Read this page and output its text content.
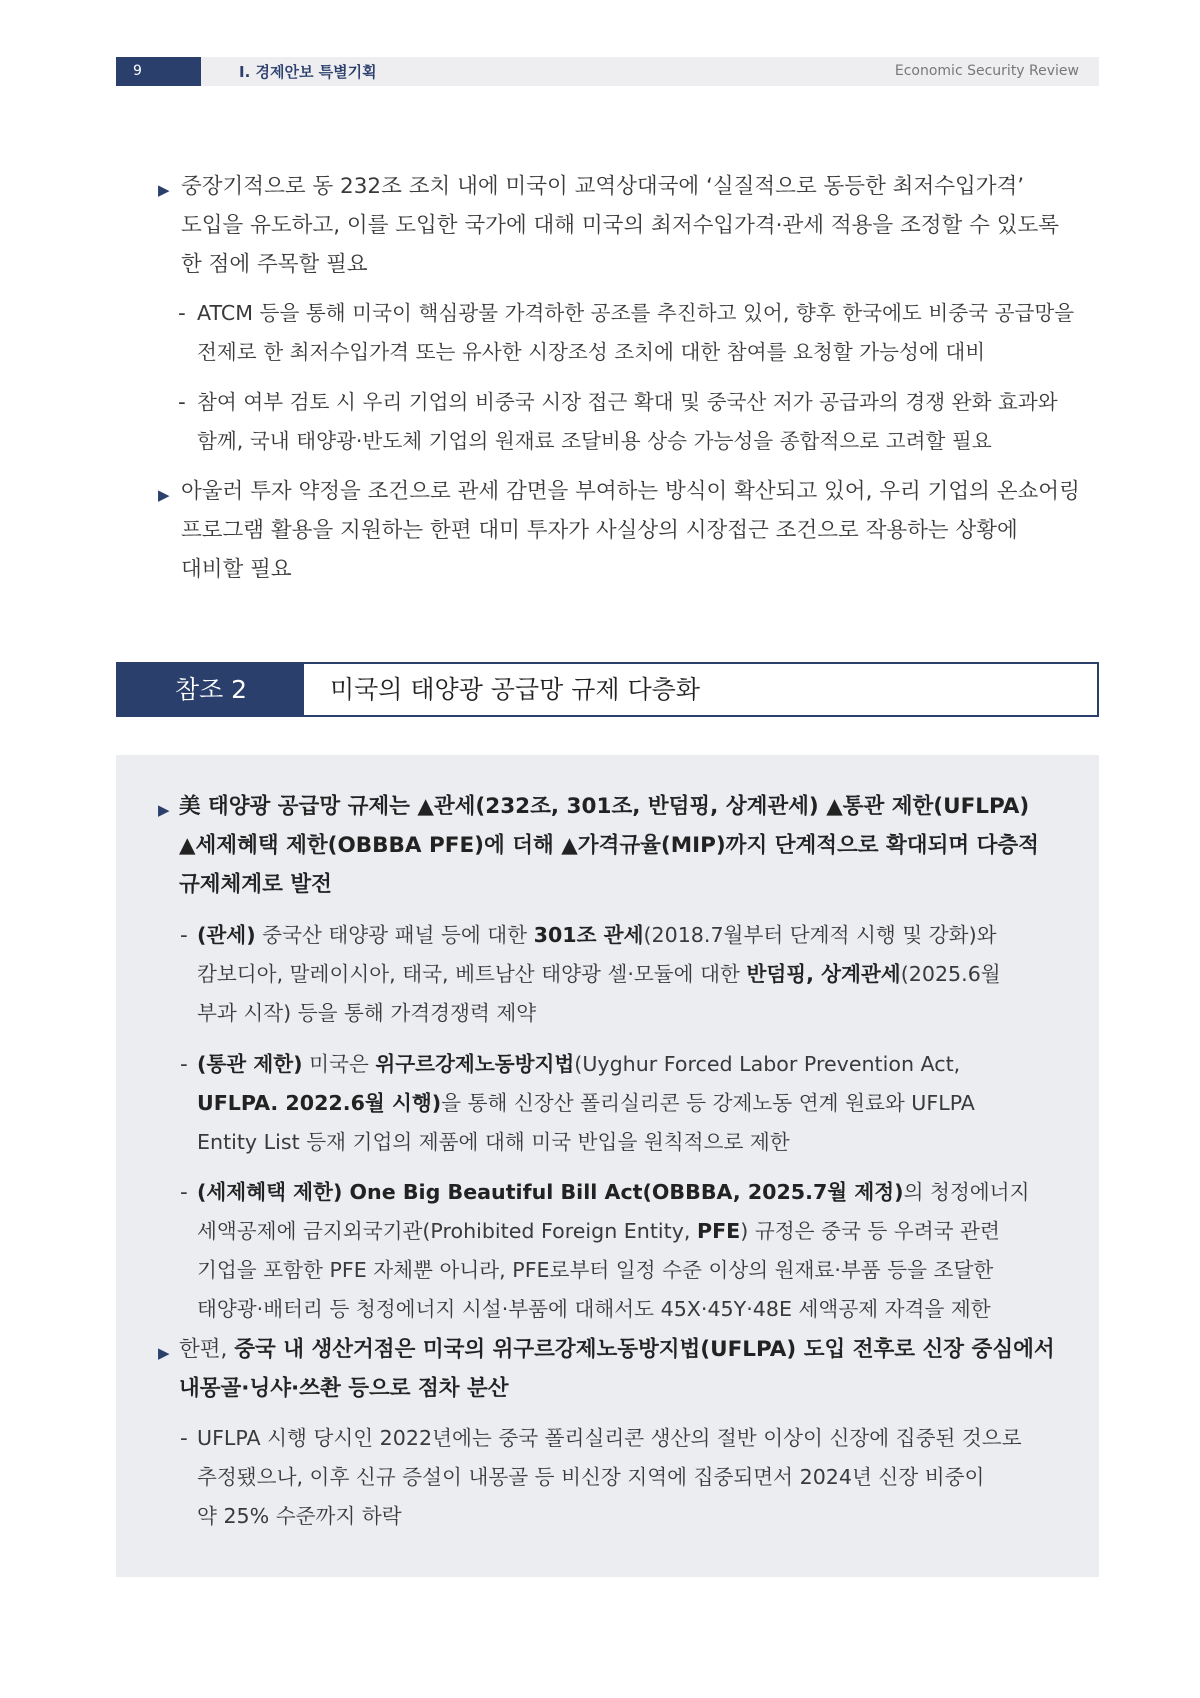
9	Ⅰ. 경제안보 특별기획	Economic Security Review
▶ 중장기적으로 동 232조 조치 내에 미국이 교역상대국에 ‘실질적으로 동등한 최저수입가격’
도입을 유도하고, 이를 도입한 국가에 대해 미국의 최저수입가격·관세 적용을 조정할 수 있도록
한 점에 주목할 필요
- ATCM 등을 통해 미국이 핵심광물 가격하한 공조를 추진하고 있어, 향후 한국에도 비중국 공급망을
전제로 한 최저수입가격 또는 유사한 시장조성 조치에 대한 참여를 요청할 가능성에 대비
- 참여 여부 검토 시 우리 기업의 비중국 시장 접근 확대 및 중국산 저가 공급과의 경쟁 완화 효과와
함께, 국내 태양광·반도체 기업의 원재료 조달비용 상승 가능성을 종합적으로 고려할 필요
▶ 아울러 투자 약정을 조건으로 관세 감면을 부여하는 방식이 확산되고 있어, 우리 기업의 온쇼어링
프로그램 활용을 지원하는 한편 대미 투자가 사실상의 시장접근 조건으로 작용하는 상황에
대비할 필요
참조 2	미국의 태양광 공급망 규제 다층화
▶ 美 태양광 공급망 규제는 ▲관세(232조, 301조, 반덤핑, 상계관세) ▲통관 제한(UFLPA)
▲세제혜택 제한(OBBBA PFE)에 더해 ▲가격규율(MIP)까지 단계적으로 확대되며 다층적
규제체계로 발전
- (관세) 중국산 태양광 패널 등에 대한 301조 관세(2018.7월부터 단계적 시행 및 강화)와
캄보디아, 말레이시아, 태국, 베트남산 태양광 셀·모듈에 대한 반덤핑, 상계관세(2025.6월
부과 시작) 등을 통해 가격경쟁력 제약
- (통관 제한) 미국은 위구르강제노동방지법(Uyghur Forced Labor Prevention Act,
UFLPA. 2022.6월 시행)을 통해 신장산 폴리실리콘 등 강제노동 연계 원료와 UFLPA
Entity List 등재 기업의 제품에 대해 미국 반입을 원칙적으로 제한
- (세제혜택 제한) One Big Beautiful Bill Act(OBBBA, 2025.7월 제정)의 청정에너지
세액공제에 금지외국기관(Prohibited Foreign Entity, PFE) 규정은 중국 등 우려국 관련
기업을 포함한 PFE 자체뿐 아니라, PFE로부터 일정 수준 이상의 원재료·부품 등을 조달한
태양광·배터리 등 청정에너지 시설·부품에 대해서도 45X·45Y·48E 세액공제 자격을 제한
▶ 한편, 중국 내 생산거점은 미국의 위구르강제노동방지법(UFLPA) 도입 전후로 신장 중심에서
내몽골·닝샤·쓰촨 등으로 점차 분산
- UFLPA 시행 당시인 2022년에는 중국 폴리실리콘 생산의 절반 이상이 신장에 집중된 것으로
추정됐으나, 이후 신규 증설이 내몽골 등 비신장 지역에 집중되면서 2024년 신장 비중이
약 25% 수준까지 하락
